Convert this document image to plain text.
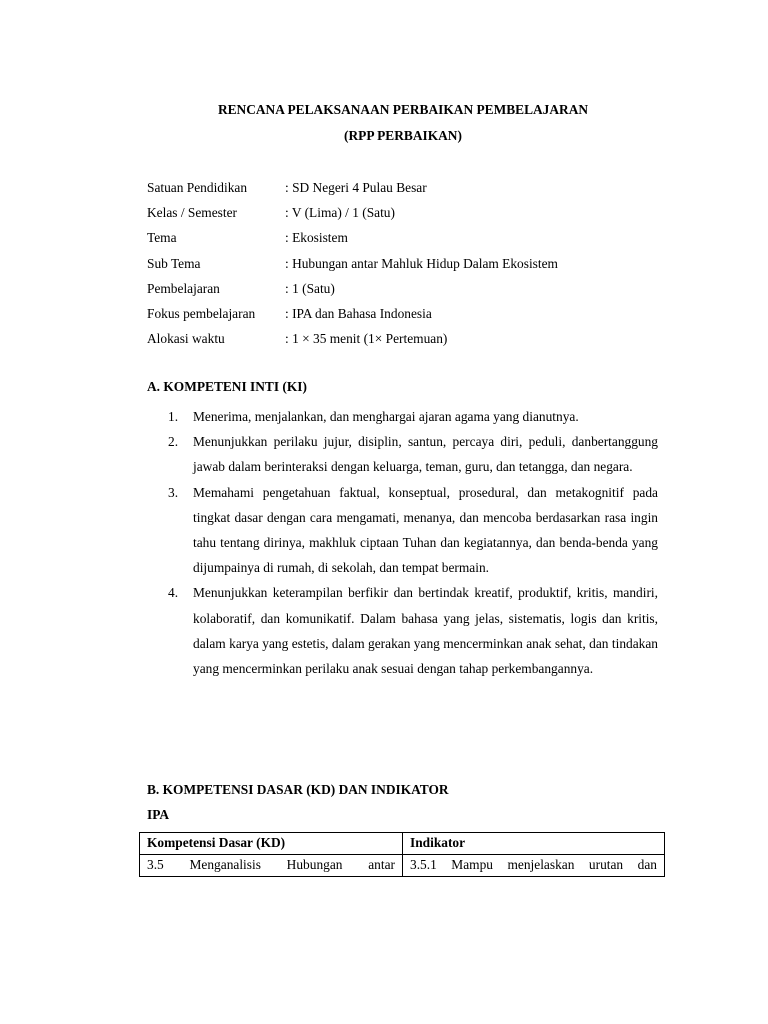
RENCANA PELAKSANAAN PERBAIKAN PEMBELAJARAN
(RPP PERBAIKAN)
Satuan Pendidikan	: SD Negeri 4 Pulau Besar
Kelas / Semester	: V (Lima) / 1 (Satu)
Tema	: Ekosistem
Sub Tema	: Hubungan antar Mahluk Hidup Dalam Ekosistem
Pembelajaran	: 1 (Satu)
Fokus pembelajaran	: IPA dan Bahasa Indonesia
Alokasi waktu	: 1 × 35 menit (1× Pertemuan)
A. KOMPETENI INTI (KI)
1.	Menerima, menjalankan, dan menghargai ajaran agama yang dianutnya.
2.	Menunjukkan perilaku jujur, disiplin, santun, percaya diri, peduli, danbertanggung jawab dalam berinteraksi dengan keluarga, teman, guru, dan tetangga, dan negara.
3.	Memahami pengetahuan faktual, konseptual, prosedural, dan metakognitif pada tingkat dasar dengan cara mengamati, menanya, dan mencoba berdasarkan rasa ingin tahu tentang dirinya, makhluk ciptaan Tuhan dan kegiatannya, dan benda-benda yang dijumpainya di rumah, di sekolah, dan tempat bermain.
4.	Menunjukkan keterampilan berfikir dan bertindak kreatif, produktif, kritis, mandiri, kolaboratif, dan komunikatif. Dalam bahasa yang jelas, sistematis, logis dan kritis, dalam karya yang estetis, dalam gerakan yang mencerminkan anak sehat, dan tindakan yang mencerminkan perilaku anak sesuai dengan tahap perkembangannya.
B. KOMPETENSI DASAR (KD) DAN INDIKATOR
IPA
Kompetensi Dasar (KD)	Indikator
3.5 Menganalisis Hubungan antar	3.5.1 Mampu menjelaskan urutan dan
